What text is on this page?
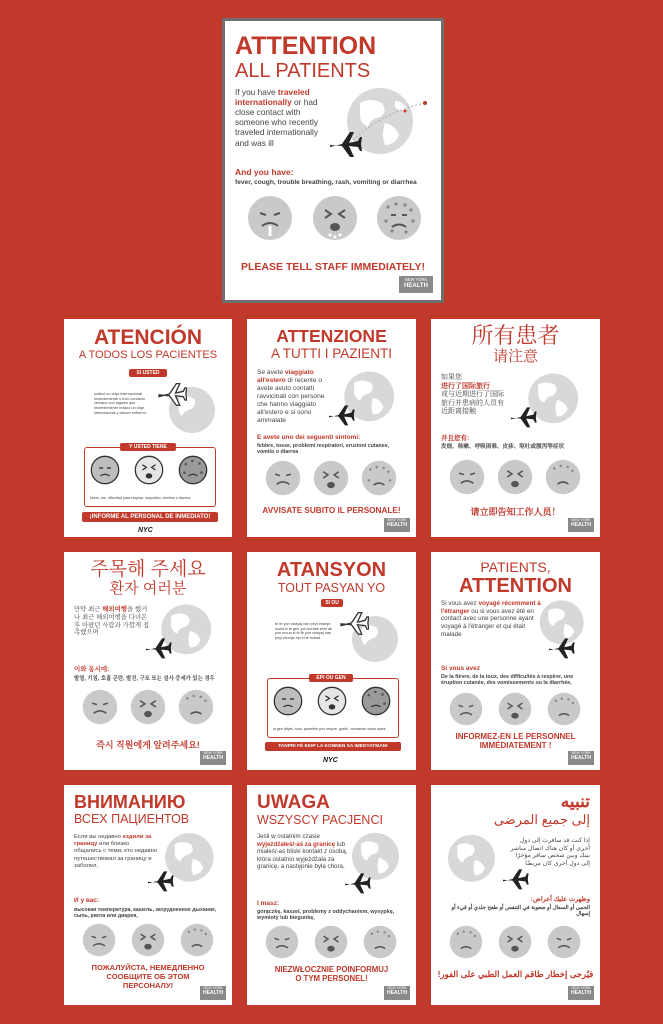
ATTENTION
ALL PATIENTS
If you have traveled internationally or had close contact with someone who recently traveled internationally and was ill
And you have:
fever, cough, trouble breathing, rash, vomiting or diarrhea
PLEASE TELL STAFF IMMEDIATELY!
NEW YORK
HEALTH
ATENCIÓN
A TODOS LOS PACIENTES
SI USTED
realizó un viaje internacional recientemente o tuvo contacto cercano con alguien que recientemente realizó un viaje internacional y estuvo enfermo.
Y USTED TIENE
fiebre, tos, dificultad para respirar, sarpullido, vómitos o diarrea.
¡INFORME AL PERSONAL DE INMEDIATO!
NYC
ATTENZIONE
A TUTTI I PAZIENTI
Se avete viaggiato all'estero di recente o avete avuto contatti ravvicinati con persone che hanno viaggiato all'estero e si sono ammalate
E avete uno dei seguenti sintomi:
febbre, tosse, problemi respiratori, eruzioni cutanee, vomito o diarrea
AVVISATE SUBITO IL PERSONALE!
NEW YORK
HEALTH
所有患者
请注意
如果您
进行了国际旅行
或与近期进行了国际旅行并患病的人员有近距离接触
并且您有:
发烧、咳嗽、呼吸困难、皮疹、呕吐或腹泻等症状
请立即告知工作人员！
NEW YORK
HEALTH
주목해 주세요
환자 여러분
만약 최근 해외여행을 했거나 최근 해외여행을 다녀온 후 아팠던 사람과 가깝게 접촉했으며
이와 동시에:
발열, 기침, 호흡 곤란, 발진, 구토 또는 설사 증세가 있는 경우
즉시 직원에게 알려주세요!
NEW YORK
HEALTH
ATANSYON
TOUT PASYAN YO
SI OU
te fè yon vwayaj nan peyi etranje oswa w te gen yon kontak sere ak yon moun ki te fè yon vwayaj nan peyi etranje epi ki te malad.
EPI OU GEN
la gen lafyèv, tous, pwoblèm pou respire, gratèl, vomisman oswa dyare
TANPRI FÈ EKIP LA KONNEN SA IMEDYATMAN!
NYC
PATIENTS,
ATTENTION
Si vous avez voyagé récemment à l'étranger ou si vous avez été en contact avec une personne ayant voyagé à l'étranger et qui était malade
Si vous avez
De la fièvre, de la toux, des difficultés à respirer, une éruption cutanée, des vomissements ou la diarrhée,
INFORMEZ-EN LE PERSONNEL IMMÉDIATEMENT !
NEW YORK
HEALTH
ВНИМАНИЮ
ВСЕХ ПАЦИЕНТОВ
Если вы недавно ездили за границу или близко общались с теми, кто недавно путешествовал за границу и заболел,
И у вас:
высокая температура, кашель, затрудненное дыхание, сыпь, рвота или диарея,
ПОЖАЛУЙСТА, НЕМЕДЛЕННО СООБЩИТЕ ОБ ЭТОМ ПЕРСОНАЛУ!	NEW YORK
HEALTH
UWAGA
WSZYSCY PACJENCI
Jeśli w ostatnim czasie wyjeżdżałeś/-aś za granicę lub miałeś/-aś bliski kontakt z osobą, która ostatnio wyjeżdżała za granicę, a następnie była chora,
I masz:
gorączkę, kaszel, problemy z oddychaniem, wysypkę, wymioty lub biegunkę,
NIEZWŁOCZNIE POINFORMUJ O TYM PERSONEL!
NEW YORK
HEALTH
تنبيه
إلى جميع المرضى
إذا كنت قد سافرت إلى دول أخرى أو كان هناك اتصال مباشر بينك وبين شخص سافر مؤخرًا إلى دول أخرى كان مريضًا
وظهرت عليك أعراض:
الحمى أو السعال أو صعوبة في التنفس أو طفح جلدي أو قيء أو إسهال
فيُرجى إخطار طاقم العمل الطبي على الفور!
NEW YORK
HEALTH
